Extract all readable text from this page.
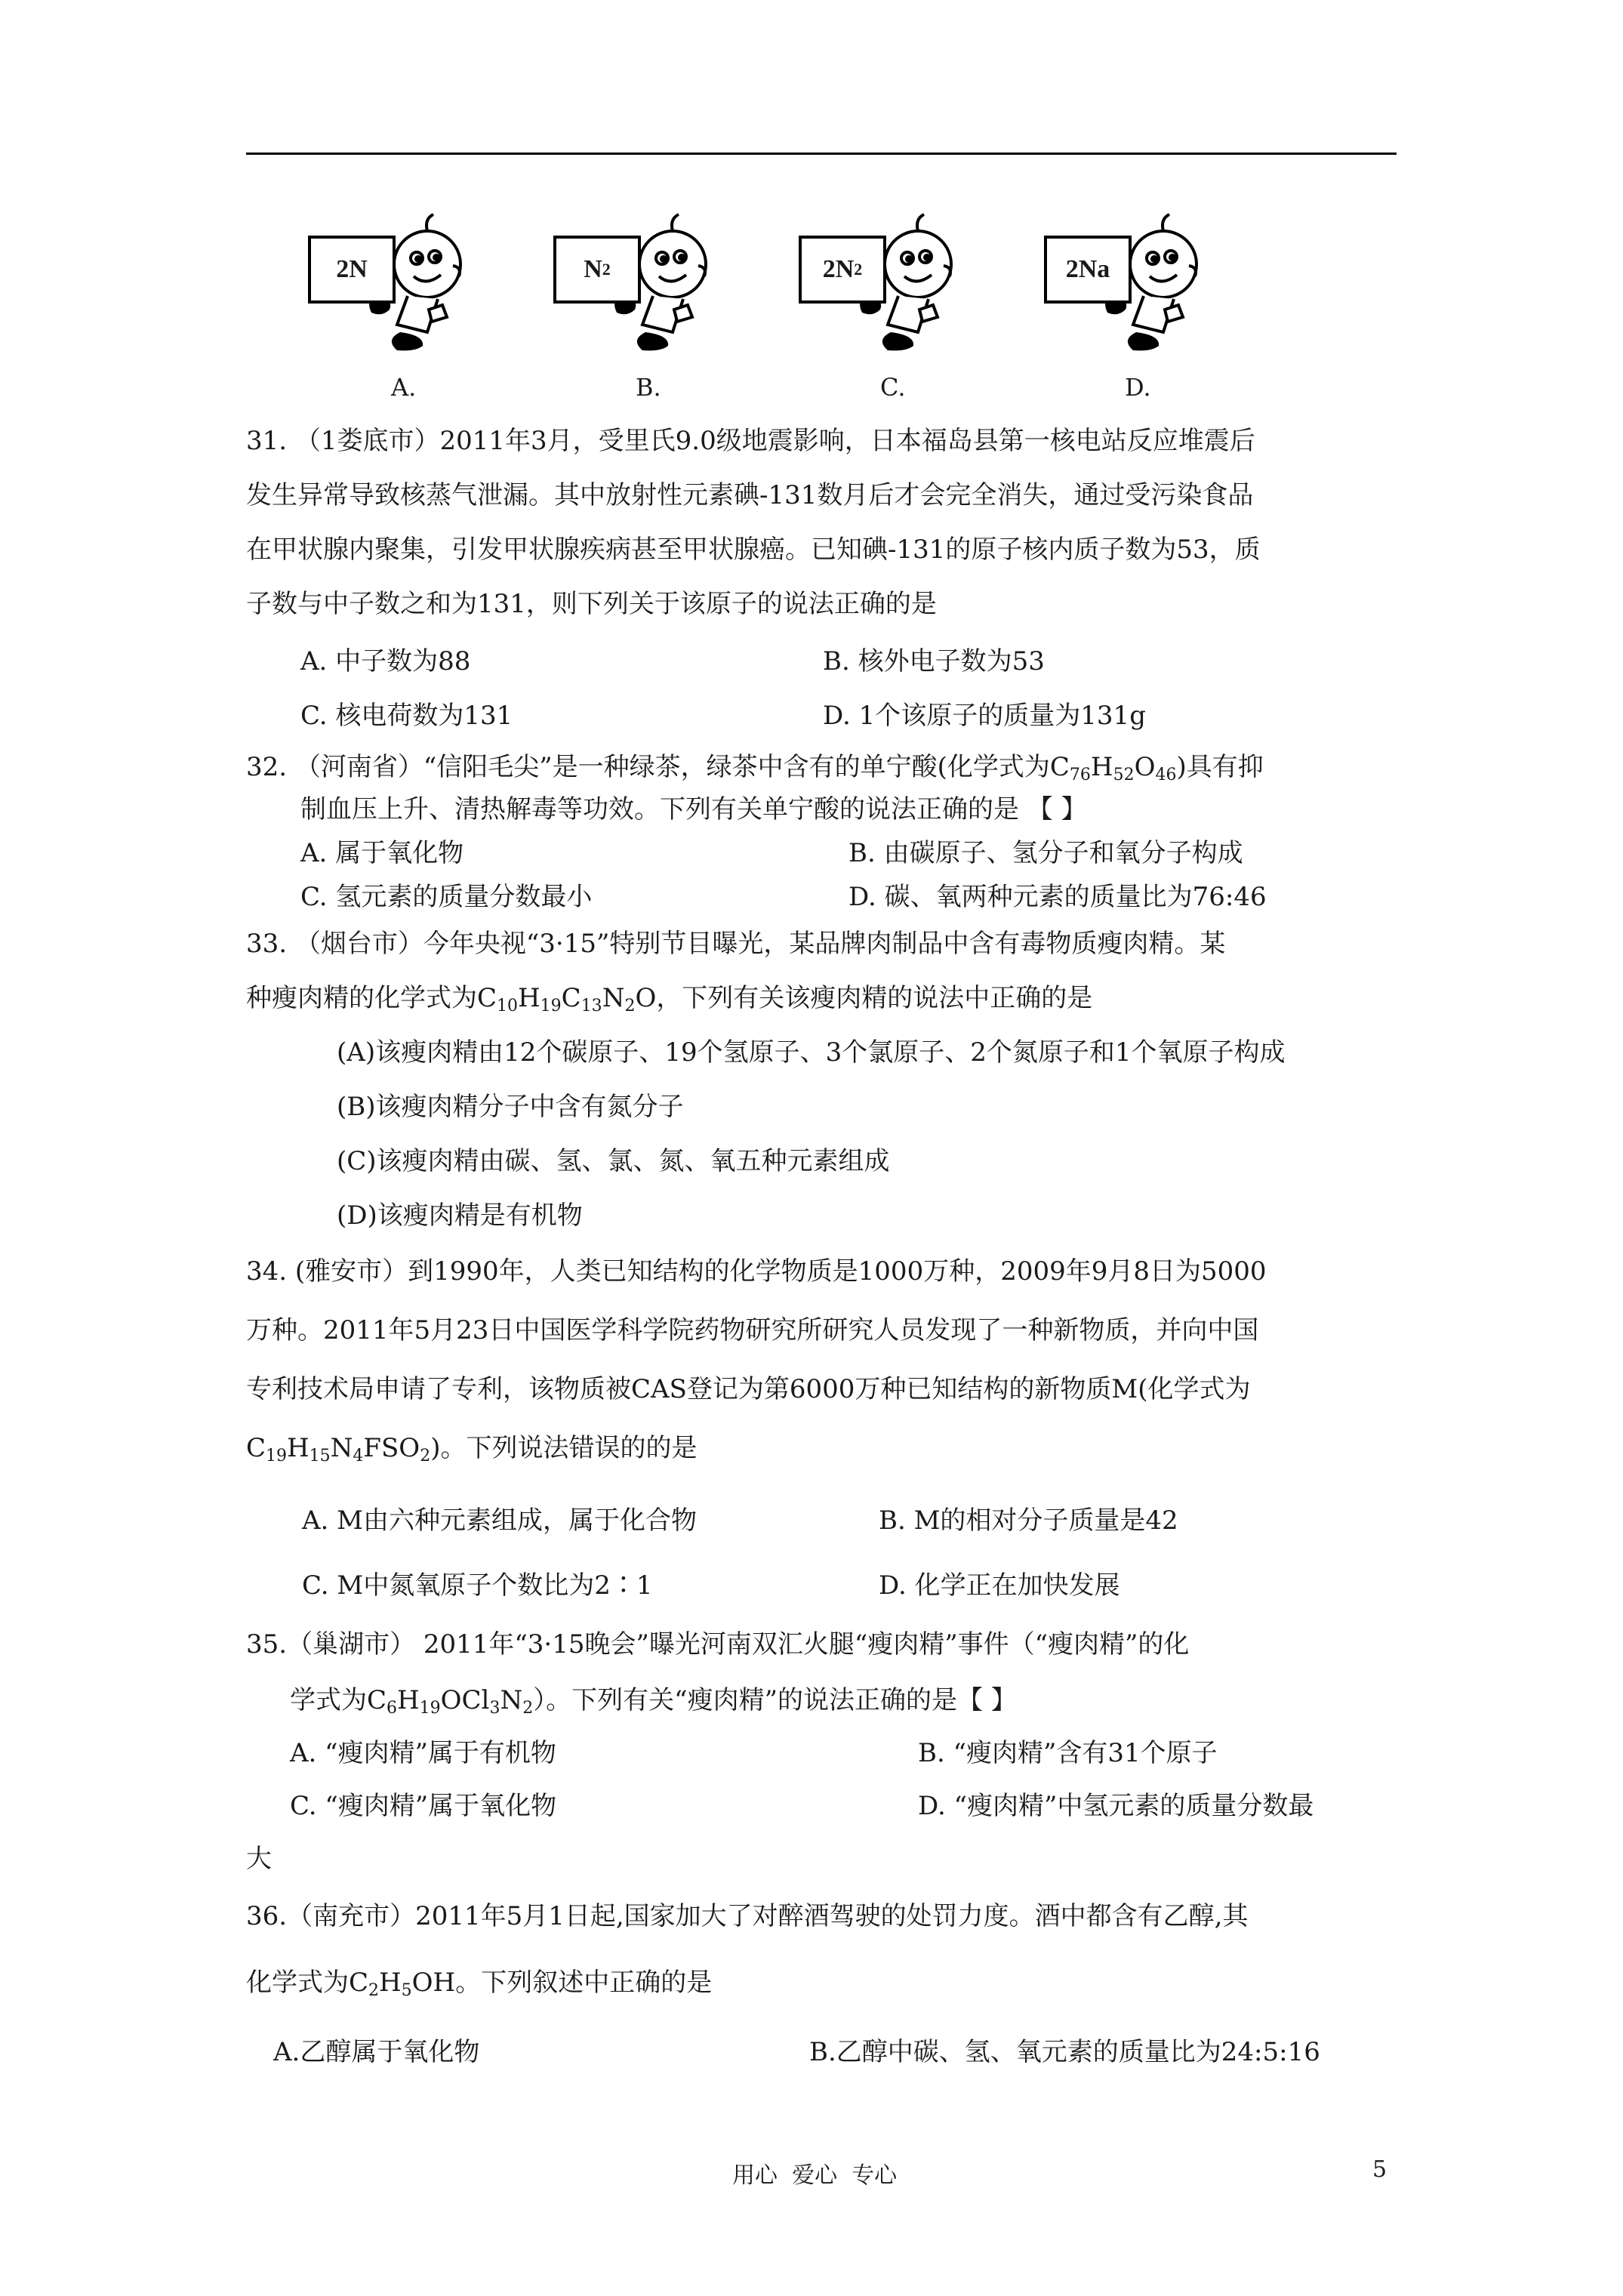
2N	N 2	2N 2	2Na
A.	B.	C.	D.
31. （1娄底市）2011年3月，受里氏9.0级地震影响，日本福岛县第一核电站反应堆震后
发生异常导致核蒸气泄漏。其中放射性元素碘-131数月后才会完全消失，通过受污染食品
在甲状腺内聚集，引发甲状腺疾病甚至甲状腺癌。已知碘-131的原子核内质子数为53，质
子数与中子数之和为131，则下列关于该原子的说法正确的是
A. 中子数为88	B. 核外电子数为53
C. 核电荷数为131	D. 1个该原子的质量为131g
32. （河南省）“信阳毛尖”是一种绿茶，绿茶中含有的单宁酸(化学式为$C_{76}H_{52}O_{46}$)具有抑
制血压上升、清热解毒等功效。下列有关单宁酸的说法正确的是 【 】
A. 属于氧化物	B. 由碳原子、氢分子和氧分子构成
C. 氢元素的质量分数最小	D. 碳、氧两种元素的质量比为76:46
33. （烟台市）今年央视“3·15”特别节目曝光，某品牌肉制品中含有毒物质瘦肉精。某
种瘦肉精的化学式为$C_{10}H_{19}C_{13}N_2O$，下列有关该瘦肉精的说法中正确的是
(A)该瘦肉精由12个碳原子、19个氢原子、3个氯原子、2个氮原子和1个氧原子构成
(B)该瘦肉精分子中含有氮分子
(C)该瘦肉精由碳、氢、氯、氮、氧五种元素组成
(D)该瘦肉精是有机物
34. (雅安市）到1990年，人类已知结构的化学物质是1000万种，2009年9月8日为5000
万种。2011年5月23日中国医学科学院药物研究所研究人员发现了一种新物质，并向中国
专利技术局申请了专利，该物质被CAS登记为第6000万种已知结构的新物质M(化学式为
$C_{19}H_{15}N_4FSO_2$)。下列说法错误的的是
A. M由六种元素组成，属于化合物	B. M的相对分子质量是42
C. M中氮氧原子个数比为2∶1	D. 化学正在加快发展
35.（巢湖市） 2011年“3·15晚会”曝光河南双汇火腿“瘦肉精”事件（“瘦肉精”的化
学式为$C_6H_{19}OCl_3N_2$）。下列有关“瘦肉精”的说法正确的是【 】
A. “瘦肉精”属于有机物	B. “瘦肉精”含有31个原子
C. “瘦肉精”属于氧化物	D. “瘦肉精”中氢元素的质量分数最
大
36.（南充市）2011年5月1日起,国家加大了对醉酒驾驶的处罚力度。酒中都含有乙醇,其
化学式为$C_2H_5OH$。下列叙述中正确的是
A.乙醇属于氧化物	B.乙醇中碳、氢、氧元素的质量比为24:5:16
用心  爱心  专心	5
